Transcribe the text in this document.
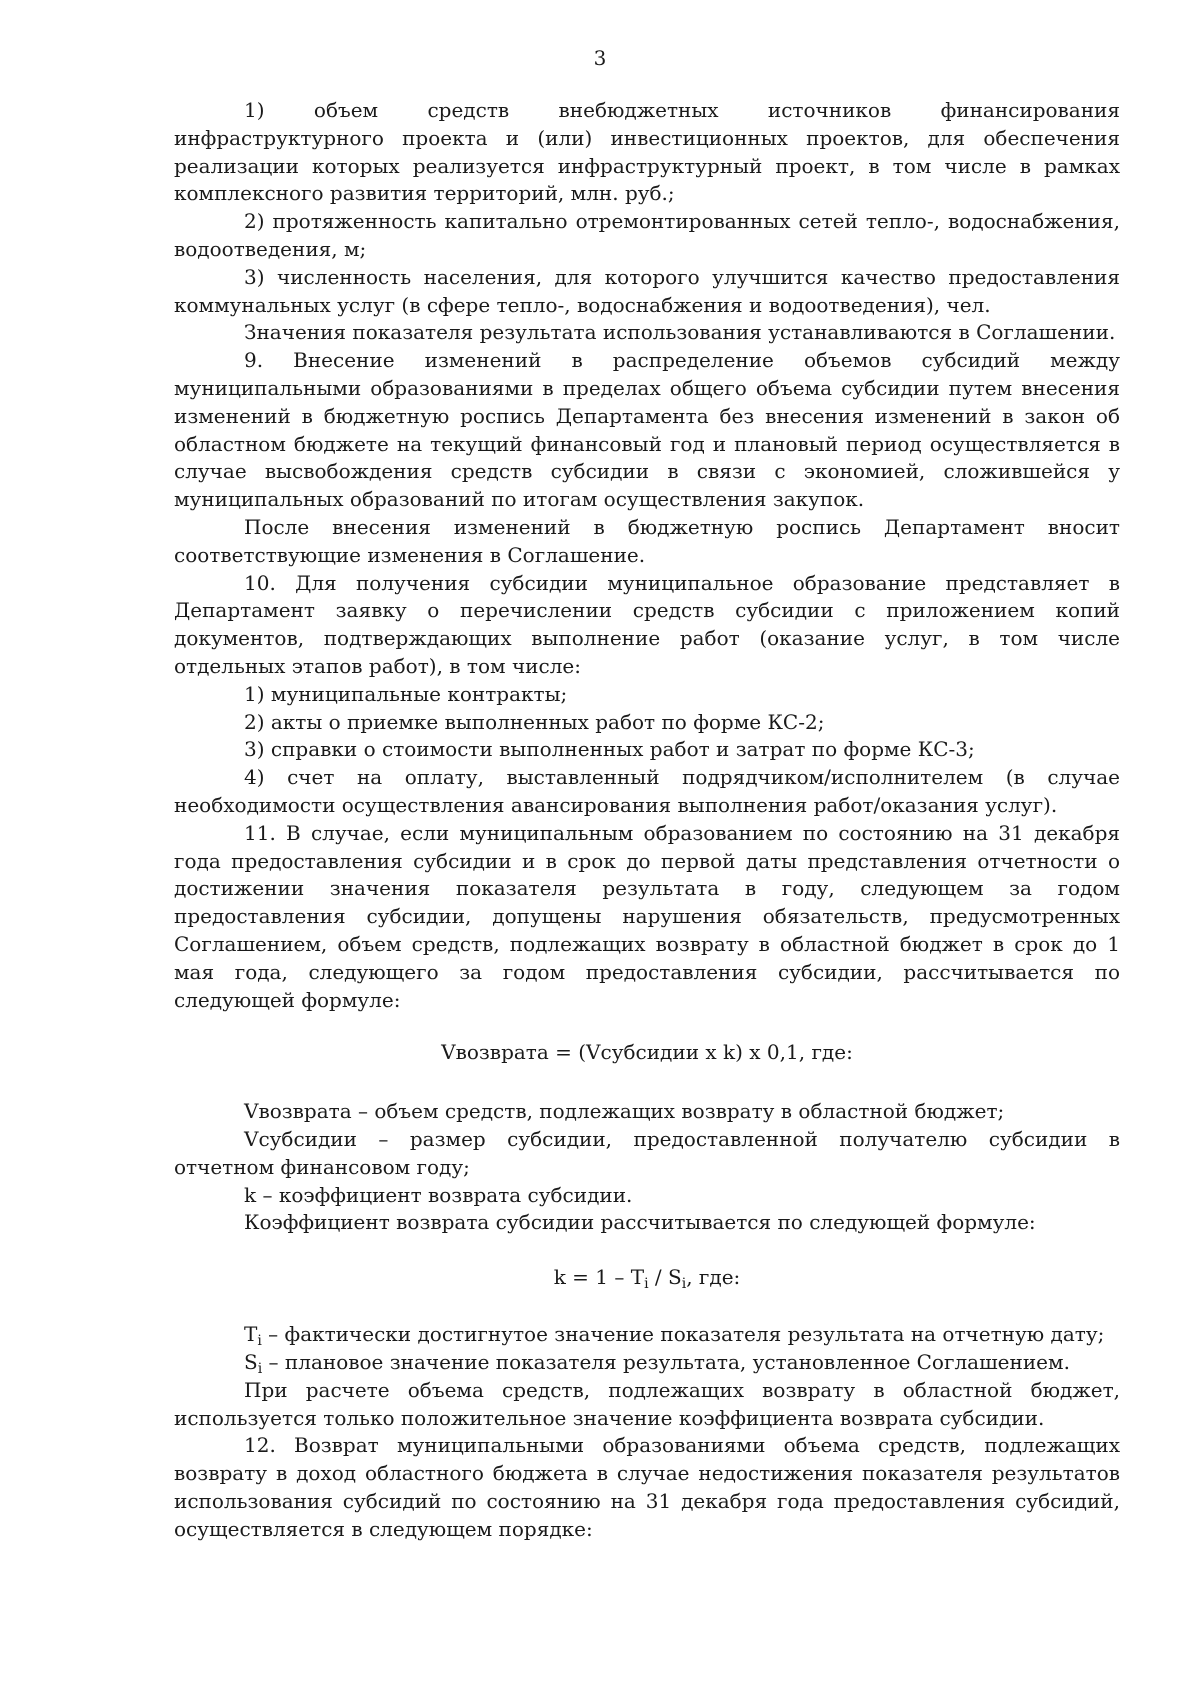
3

1) объем средств внебюджетных источников финансирования инфраструктурного проекта и (или) инвестиционных проектов, для обеспечения реализации которых реализуется инфраструктурный проект, в том числе в рамках комплексного развития территорий, млн. руб.;

2) протяженность капитально отремонтированных сетей тепло-, водоснабжения, водоотведения, м;

3) численность населения, для которого улучшится качество предоставления коммунальных услуг (в сфере тепло-, водоснабжения и водоотведения), чел.

Значения показателя результата использования устанавливаются в Соглашении.

9. Внесение изменений в распределение объемов субсидий между муниципальными образованиями в пределах общего объема субсидии путем внесения изменений в бюджетную роспись Департамента без внесения изменений в закон об областном бюджете на текущий финансовый год и плановый период осуществляется в случае высвобождения средств субсидии в связи с экономией, сложившейся у муниципальных образований по итогам осуществления закупок.

После внесения изменений в бюджетную роспись Департамент вносит соответствующие изменения в Соглашение.

10. Для получения субсидии муниципальное образование представляет в Департамент заявку о перечислении средств субсидии с приложением копий документов, подтверждающих выполнение работ (оказание услуг, в том числе отдельных этапов работ), в том числе:

1) муниципальные контракты;

2) акты о приемке выполненных работ по форме КС-2;

3) справки о стоимости выполненных работ и затрат по форме КС-3;

4) счет на оплату, выставленный подрядчиком/исполнителем (в случае необходимости осуществления авансирования выполнения работ/оказания услуг).

11. В случае, если муниципальным образованием по состоянию на 31 декабря года предоставления субсидии и в срок до первой даты представления отчетности о достижении значения показателя результата в году, следующем за годом предоставления субсидии, допущены нарушения обязательств, предусмотренных Соглашением, объем средств, подлежащих возврату в областной бюджет в срок до 1 мая года, следующего за годом предоставления субсидии, рассчитывается по следующей формуле:

Vвозврата = (Vсубсидии x k) x 0,1, где:

Vвозврата – объем средств, подлежащих возврату в областной бюджет;

Vсубсидии – размер субсидии, предоставленной получателю субсидии в отчетном финансовом году;

k – коэффициент возврата субсидии.

Коэффициент возврата субсидии рассчитывается по следующей формуле:

$k = 1 - T_i / S_i$, где:

$T_i$ – фактически достигнутое значение показателя результата на отчетную дату;

$S_i$ – плановое значение показателя результата, установленное Соглашением.

При расчете объема средств, подлежащих возврату в областной бюджет, используется только положительное значение коэффициента возврата субсидии.

12. Возврат муниципальными образованиями объема средств, подлежащих возврату в доход областного бюджета в случае недостижения показателя результатов использования субсидий по состоянию на 31 декабря года предоставления субсидий, осуществляется в следующем порядке:
